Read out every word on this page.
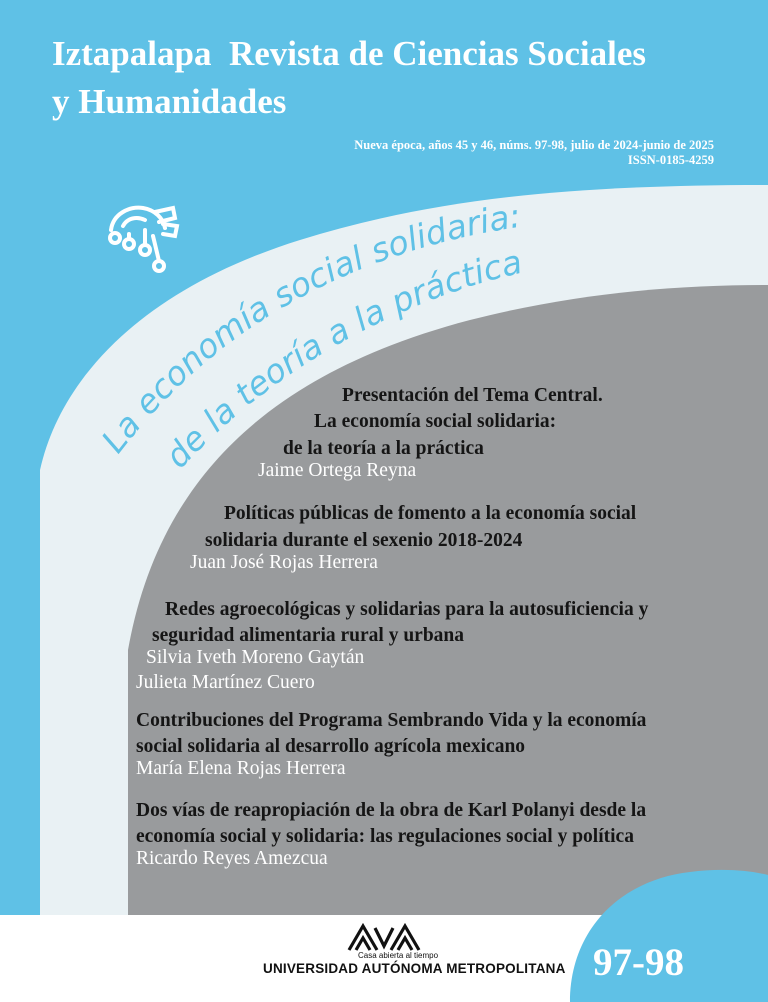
La economía social solidaria:
de la teoría a la práctica
Iztapalapa  Revista de Ciencias Sociales
y Humanidades
Nueva época, años 45 y 46, núms. 97-98, julio de 2024-junio de 2025
ISSN-0185-4259
Presentación del Tema Central.
La economía social solidaria:
de la teoría a la práctica
Jaime Ortega Reyna
Políticas públicas de fomento a la economía social
solidaria durante el sexenio 2018-2024
Juan José Rojas Herrera
Redes agroecológicas y solidarias para la autosuficiencia y
seguridad alimentaria rural y urbana
Silvia Iveth Moreno Gaytán
Julieta Martínez Cuero
Contribuciones del Programa Sembrando Vida y la economía
social solidaria al desarrollo agrícola mexicano
María Elena Rojas Herrera
Dos vías de reapropiación de la obra de Karl Polanyi desde la
economía social y solidaria: las regulaciones social y política
Ricardo Reyes Amezcua
Casa abierta al tiempo
UNIVERSIDAD AUTÓNOMA METROPOLITANA 97-98
